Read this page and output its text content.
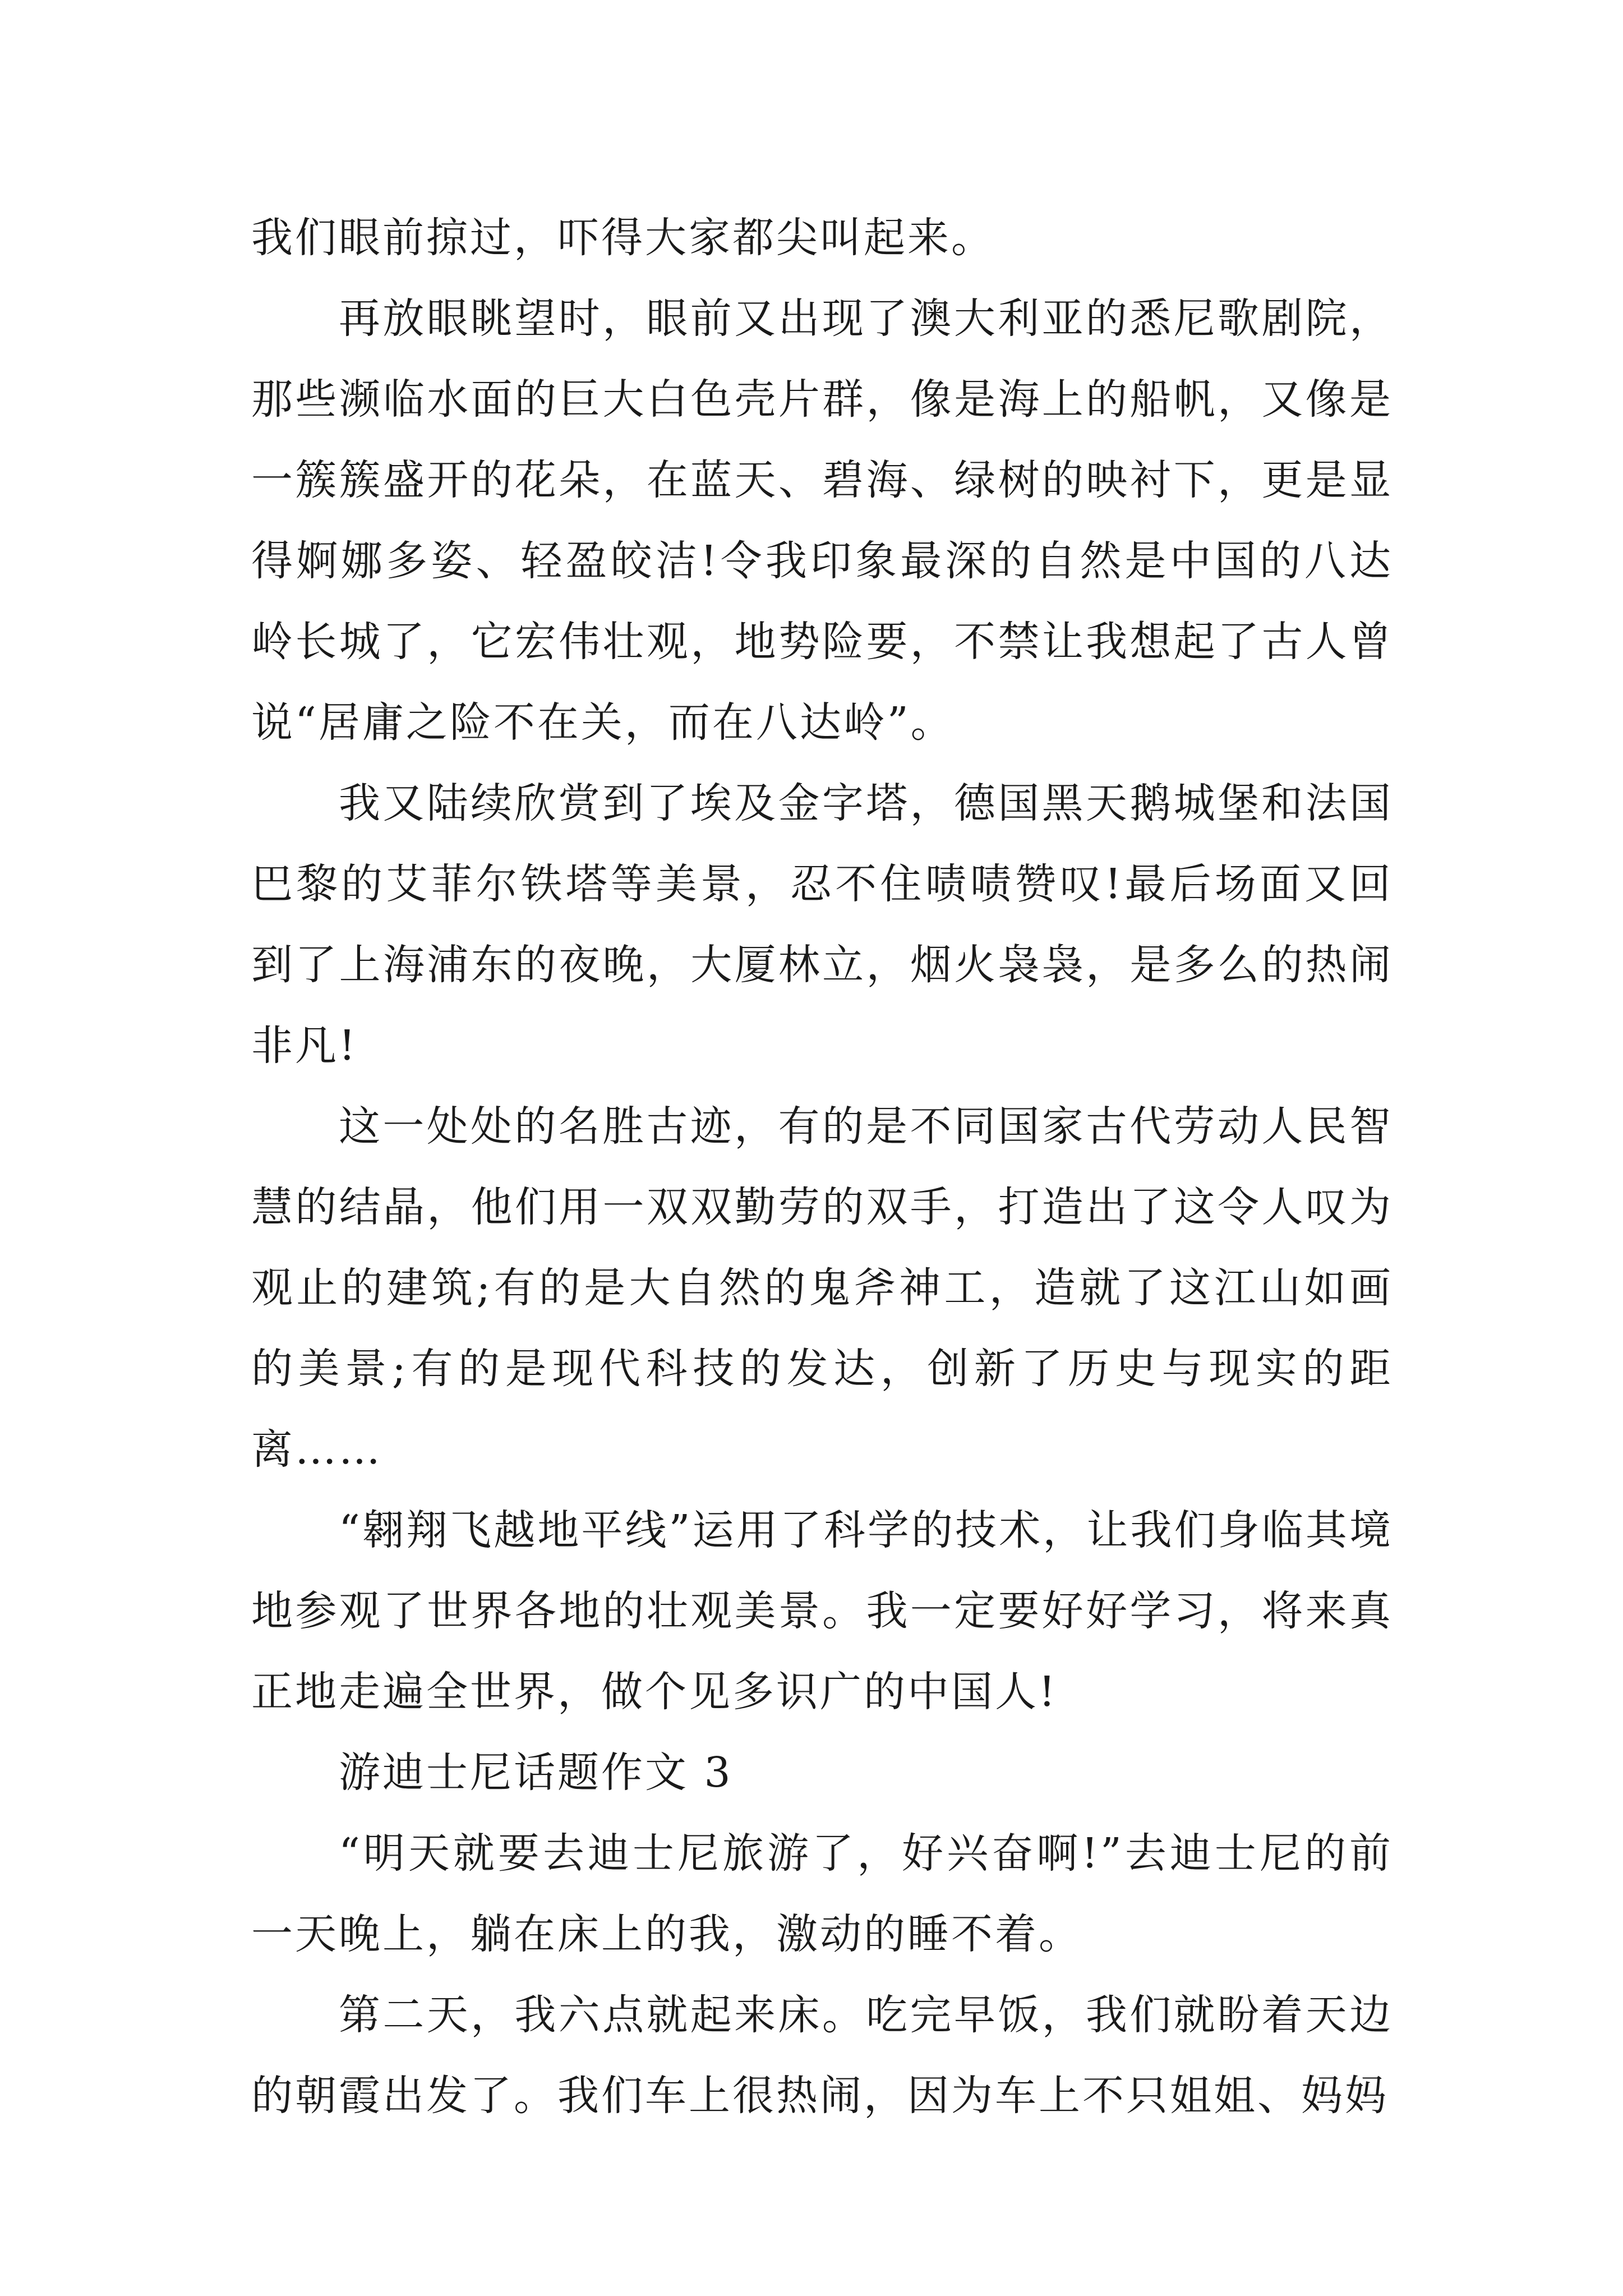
我们眼前掠过，吓得大家都尖叫起来。

再放眼眺望时，眼前又出现了澳大利亚的悉尼歌剧院，那些濒临水面的巨大白色壳片群，像是海上的船帆，又像是一簇簇盛开的花朵，在蓝天、碧海、绿树的映衬下，更是显得婀娜多姿、轻盈皎洁!令我印象最深的自然是中国的八达岭长城了，它宏伟壮观，地势险要，不禁让我想起了古人曾说“居庸之险不在关，而在八达岭”。

我又陆续欣赏到了埃及金字塔，德国黑天鹅城堡和法国巴黎的艾菲尔铁塔等美景，忍不住啧啧赞叹!最后场面又回到了上海浦东的夜晚，大厦林立，烟火袅袅，是多么的热闹非凡!

这一处处的名胜古迹，有的是不同国家古代劳动人民智慧的结晶，他们用一双双勤劳的双手，打造出了这令人叹为观止的建筑;有的是大自然的鬼斧神工，造就了这江山如画的美景;有的是现代科技的发达，创新了历史与现实的距离……

“翱翔飞越地平线”运用了科学的技术，让我们身临其境地参观了世界各地的壮观美景。我一定要好好学习，将来真正地走遍全世界，做个见多识广的中国人!

游迪士尼话题作文 3

“明天就要去迪士尼旅游了，好兴奋啊!”去迪士尼的前一天晚上，躺在床上的我，激动的睡不着。

第二天，我六点就起来床。吃完早饭，我们就盼着天边的朝霞出发了。我们车上很热闹，因为车上不只姐姐、妈妈
